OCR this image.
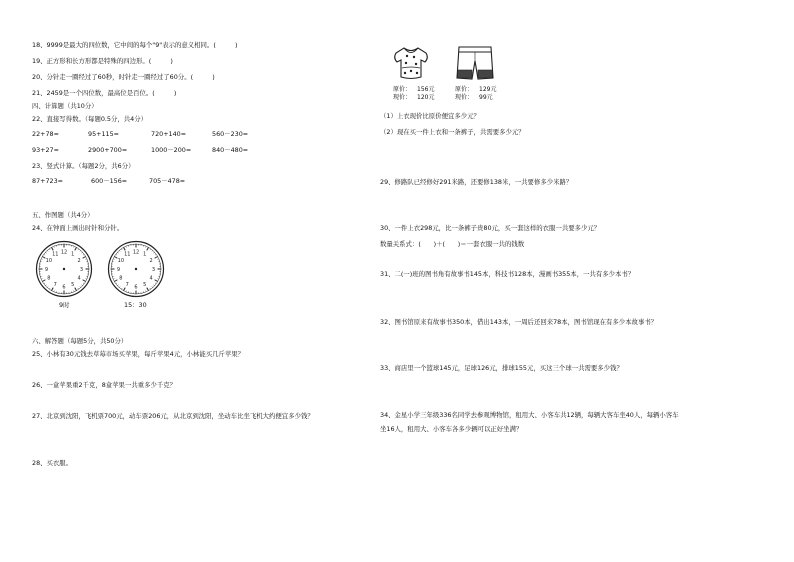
18、9999是最大的四位数，它中间的每个"9"表示的意义相同。(　　　)
19、正方形和长方形都是特殊的四边形。(　　　)
20、分针走一圈经过了60秒，时针走一圈经过了60分。(　　　)
21、2459是一个四位数，最高位是百位。(　　　)
四、计算题（共10分）
22、直接写得数。（每题0.5分，共4分）
22+78=	95+115=	720+140=	560－230=
93+27=	2900+700=	1000－200=	840－480=
23、竖式计算。（每题2分，共6分）
87+723=	600－156=	705－478=
五、作图题（共4分）
24、在钟面上画出时针和分针。
1
2
3
4
5
6
7
8
9
10
11 12
9时
1
2
3
4
5
6
7
8
9
10
11 12
15：30
六、解答题（每题5分，共50分）
25、小林有30元钱去草莓市场买苹果，每斤苹果4元，小林能买几斤苹果？
26、一盒苹果重2千克，8盒苹果一共重多少千克？
27、北京到沈阳，飞机票700元，动车票206元，从北京到沈阳，坐动车比坐飞机大约便宜多少钱？
28、买衣服。
原价： 156元
现价： 120元
原价： 129元
现价： 99元
（1）上衣现价比原价便宜多少元？
（2）现在买一件上衣和一条裤子，共需要多少元？
29、修路队已经修好291米路，还要修138米，一共要修多少米路？
30、一件上衣298元，比一条裤子贵80元，买一套这样的衣服一共要多少元？
数量关系式：(　　)＋(　　)＝一套衣服一共的钱数
31、二(一)班的图书角有故事书145本，科技书128本，漫画书355本，一共有多少本书？
32、图书馆原来有故事书350本，借出143本，一周后还回来78本，图书馆现在有多少本故事书？
33、商店里一个篮球145元，足球126元，排球155元，买这三个球一共需要多少钱？
34、金星小学三年级336名同学去参观博物馆，租用大、小客车共12辆，每辆大客车坐40人，每辆小客车
坐16人，租用大、小客车各多少辆可以正好坐满？
